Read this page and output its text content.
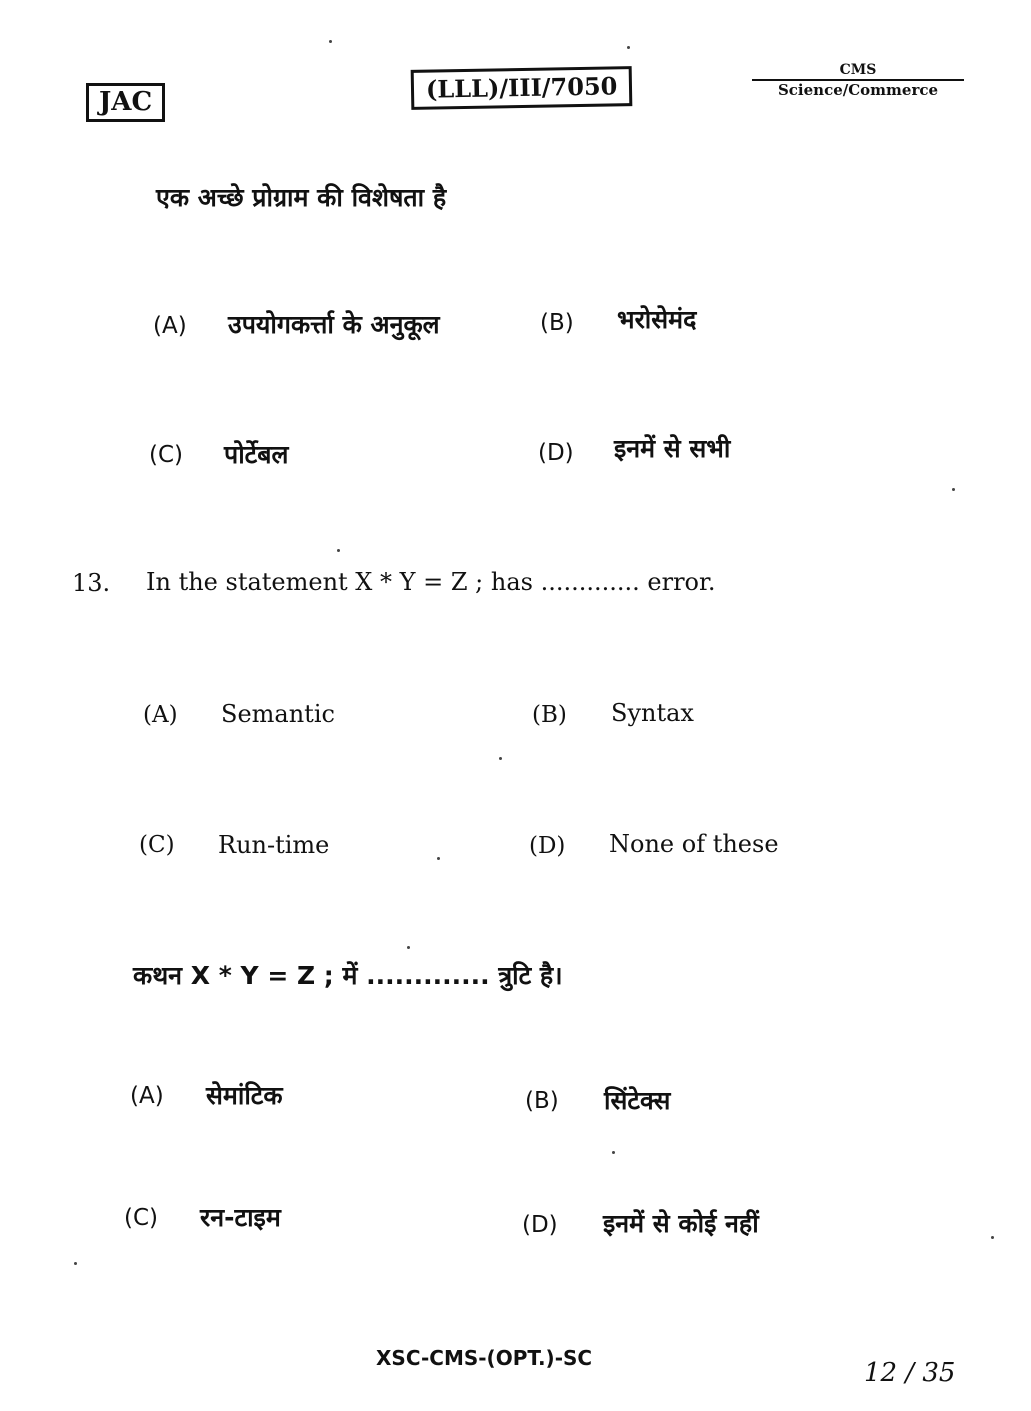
JAC	(LLL)/III/7050
CMS
Science/Commerce
एक अच्छे प्रोग्राम की विशेषता है
(A) उपयोगकर्त्ता के अनुकूल	(B) भरोसेमंद
(C) पोर्टेबल	(D) इनमें से सभी
13. In the statement X * Y = Z ; has ............. error.
(A) Semantic	(B) Syntax
(C) Run-time	(D) None of these
कथन X * Y = Z ; में ............. त्रुटि है।
(A) सेमांटिक	(B) सिंटेक्स
(C) रन-टाइम	(D) इनमें से कोई नहीं
XSC-CMS-(OPT.)-SC	12 / 35
